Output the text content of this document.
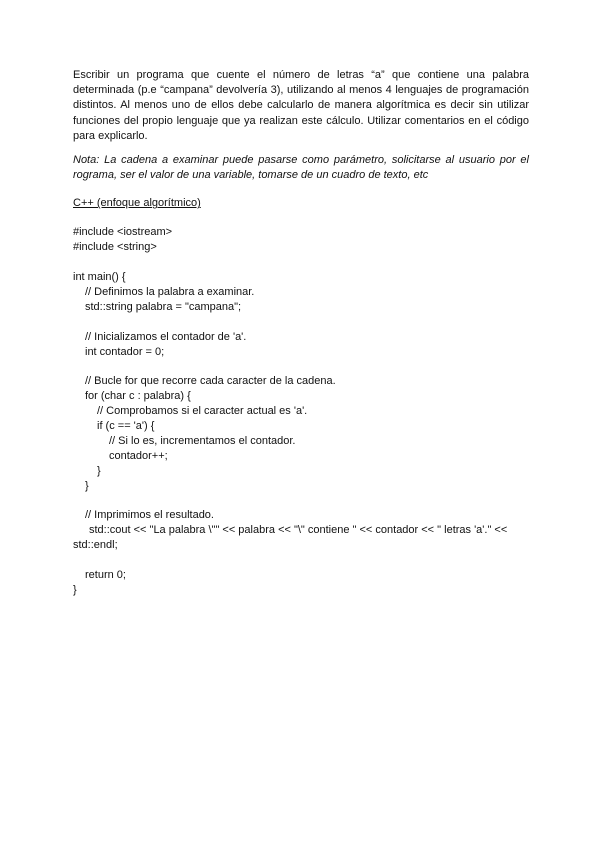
Escribir un programa que cuente el número de letras “a” que contiene una palabra determinada (p.e “campana” devolvería 3), utilizando al menos 4 lenguajes de programación distintos. Al menos uno de ellos debe calcularlo de manera algorítmica es decir sin utilizar funciones del propio lenguaje que ya realizan este cálculo. Utilizar comentarios en el código para explicarlo.

Nota: La cadena a examinar puede pasarse como parámetro, solicitarse al usuario por el rograma, ser el valor de una variable, tomarse de un cuadro de texto, etc

C++ (enfoque algorítmico)

#include <iostream>
#include <string>
int main() {
// Definimos la palabra a examinar.
std::string palabra = "campana";
// Inicializamos el contador de 'a'.
int contador = 0;
// Bucle for que recorre cada caracter de la cadena.
for (char c : palabra) {
// Comprobamos si el caracter actual es 'a'.
if (c == 'a') {
// Si lo es, incrementamos el contador.
contador++;
}
}
// Imprimimos el resultado.
std::cout << "La palabra \"" << palabra << "\" contiene " << contador << " letras 'a'." <<
std::endl;
return 0;
}
